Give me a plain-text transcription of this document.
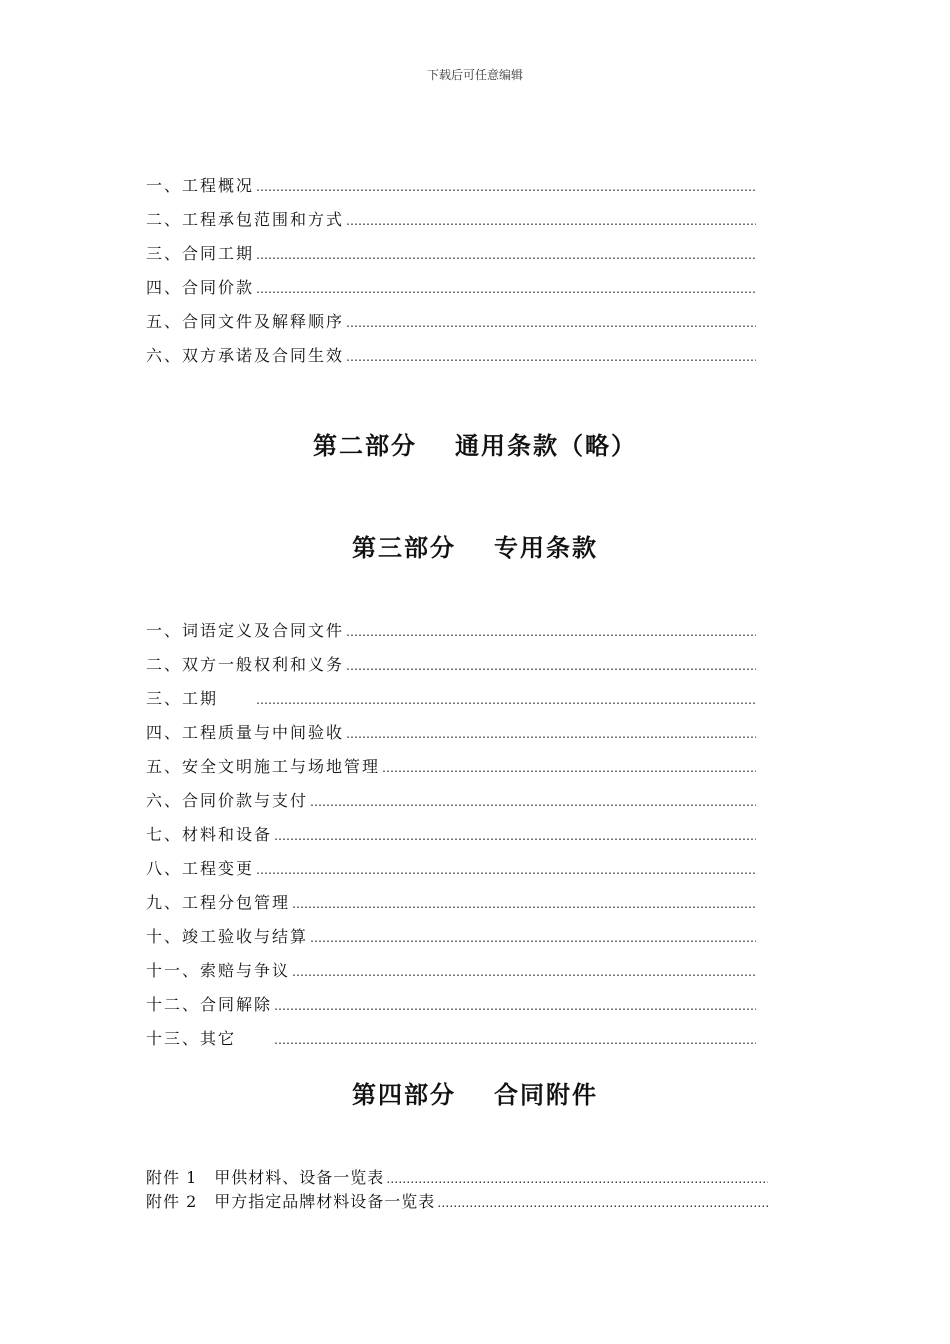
下载后可任意编辑
一、工程概况
………………………………………………………………………………………………………………………………………………………………
二、工程承包范围和方式
………………………………………………………………………………………………………………………………………………………………
三、合同工期
………………………………………………………………………………………………………………………………………………………………
四、合同价款
………………………………………………………………………………………………………………………………………………………………
五、合同文件及解释顺序
………………………………………………………………………………………………………………………………………………………………
六、双方承诺及合同生效
………………………………………………………………………………………………………………………………………………………………
第二部分 通用条款（略）
第三部分 专用条款
一、词语定义及合同文件
………………………………………………………………………………………………………………………………………………………………
二、双方一般权利和义务
………………………………………………………………………………………………………………………………………………………………
三、工期
………………………………………………………………………………………………………………………………………………………………
四、工程质量与中间验收
………………………………………………………………………………………………………………………………………………………………
五、安全文明施工与场地管理
………………………………………………………………………………………………………………………………………………………………
六、合同价款与支付
………………………………………………………………………………………………………………………………………………………………
七、材料和设备
………………………………………………………………………………………………………………………………………………………………
八、工程变更
………………………………………………………………………………………………………………………………………………………………
九、工程分包管理
………………………………………………………………………………………………………………………………………………………………
十、竣工验收与结算
………………………………………………………………………………………………………………………………………………………………
十一、索赔与争议
………………………………………………………………………………………………………………………………………………………………
十二、合同解除
………………………………………………………………………………………………………………………………………………………………
十三、其它
………………………………………………………………………………………………………………………………………………………………
第四部分 合同附件
附件 1　甲供材料、设备一览表
………………………………………………………………………………………………………………………………………………………………
附件 2　甲方指定品牌材料设备一览表
………………………………………………………………………………………………………………………………………………………………
